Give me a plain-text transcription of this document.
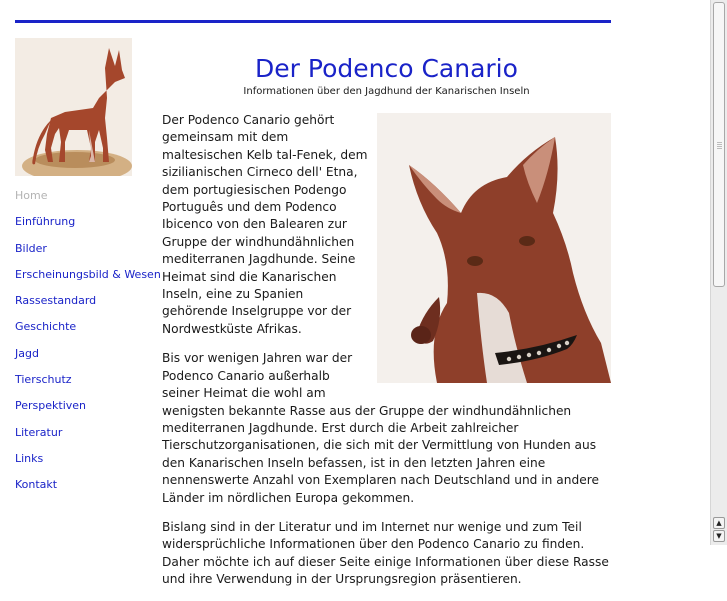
Home
Einführung
Bilder
Erscheinungsbild & Wesen
Rassestandard
Geschichte
Jagd
Tierschutz
Perspektiven
Literatur
Links
Kontakt
Der Podenco Canario
Informationen über den Jagdhund der Kanarischen Inseln

Der Podenco Canario gehört gemeinsam mit dem maltesischen Kelb tal-Fenek, dem sizilianischen Cirneco dell' Etna, dem portugiesischen Podengo Português und dem Podenco Ibicenco von den Balearen zur Gruppe der windhundähnlichen mediterranen Jagdhunde. Seine Heimat sind die Kanarischen Inseln, eine zu Spanien gehörende Inselgruppe vor der Nordwestküste Afrikas.

Bis vor wenigen Jahren war der Podenco Canario außerhalb seiner Heimat die wohl am wenigsten bekannte Rasse aus der Gruppe der windhundähnlichen mediterranen Jagdhunde. Erst durch die Arbeit zahlreicher Tierschutzorganisationen, die sich mit der Vermittlung von Hunden aus den Kanarischen Inseln befassen, ist in den letzten Jahren eine nennenswerte Anzahl von Exemplaren nach Deutschland und in andere Länder im nördlichen Europa gekommen.

Bislang sind in der Literatur und im Internet nur wenige und zum Teil widersprüchliche Informationen über den Podenco Canario zu finden. Daher möchte ich auf dieser Seite einige Informationen über diese Rasse und ihre Verwendung in der Ursprungsregion präsentieren.

▲
▼
